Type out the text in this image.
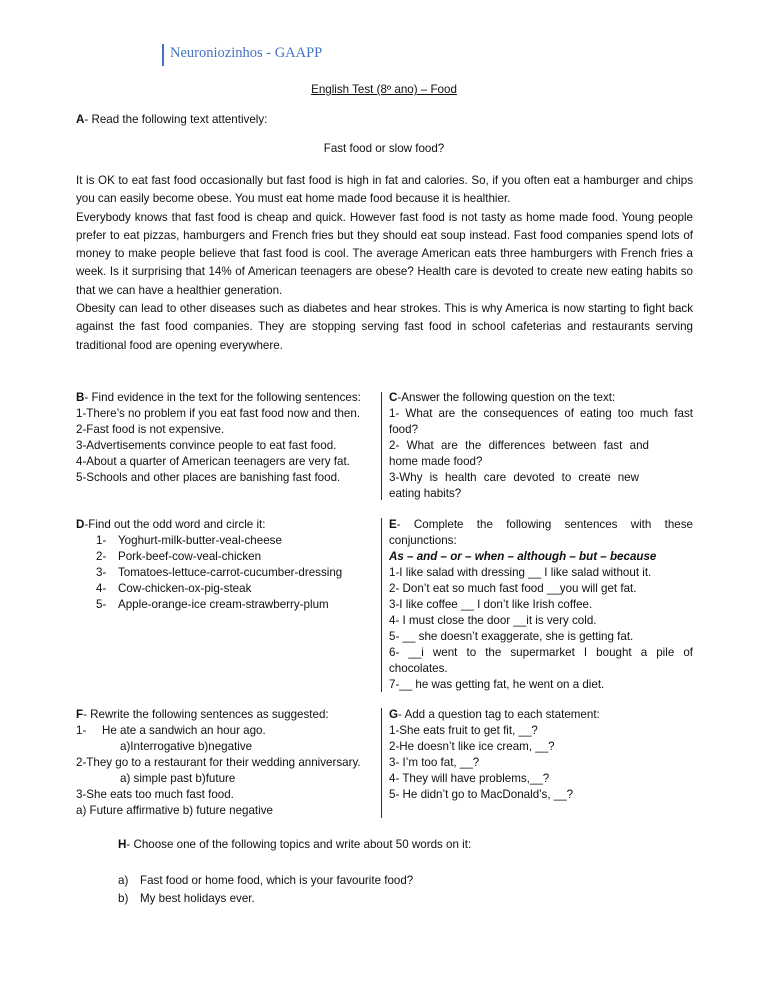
Neuroniozinhos - GAAPP
English Test (8º ano) – Food
A- Read the following text attentively:
Fast food or slow food?

It is OK to eat fast food occasionally but fast food is high in fat and calories. So, if you often eat a hamburger and chips you can easily become obese. You must eat home made food because it is healthier.

Everybody knows that fast food is cheap and quick. However fast food is not tasty as home made food. Young people prefer to eat pizzas, hamburgers and French fries but they should eat soup instead. Fast food companies spend lots of money to make people believe that fast food is cool. The average American eats three hamburgers with French fries a week. Is it surprising that 14% of American teenagers are obese? Health care is devoted to create new eating habits so that we can have a healthier generation.

Obesity can lead to other diseases such as diabetes and hear strokes. This is why America is now starting to fight back against the fast food companies. They are stopping serving fast food in school cafeterias and restaurants serving traditional food are opening everywhere.

B- Find evidence in the text for the following sentences:
1-There’s no problem if you eat fast food now and then.
2-Fast food is not expensive.
3-Advertisements convince people to eat fast food.
4-About a quarter of American teenagers are very fat.
5-Schools and other places are banishing fast food.
C-Answer the following question on the text:
1- What are the consequences of eating too much fast food?
2- What are the differences between fast and home made food?
3-Why is health care devoted to create new eating habits?
D-Find out the odd word and circle it:
1- Yoghurt-milk-butter-veal-cheese
2- Pork-beef-cow-veal-chicken
3- Tomatoes-lettuce-carrot-cucumber-dressing
4- Cow-chicken-ox-pig-steak
5- Apple-orange-ice cream-strawberry-plum
E- Complete the following sentences with these conjunctions:
As – and – or – when – although – but – because
1-I like salad with dressing __ I like salad without it.
2- Don’t eat so much fast food __you will get fat.
3-I like coffee __ I don’t like Irish coffee.
4- I must close the door __it is very cold.
5- __ she doesn’t exaggerate, she is getting fat.
6- __i went to the supermarket I bought a pile of chocolates.
7-__ he was getting fat, he went on a diet.
F- Rewrite the following sentences as suggested:
1- He ate a sandwich an hour ago.
a)Interrogative b)negative
2-They go to a restaurant for their wedding anniversary.
a) simple past b)future
3-She eats too much fast food.
a) Future affirmative b) future negative
G- Add a question tag to each statement:
1-She eats fruit to get fit, __?
2-He doesn’t like ice cream, __?
3- I’m too fat, __?
4- They will have problems,__?
5- He didn’t go to MacDonald’s, __?
H- Choose one of the following topics and write about 50 words on it:
a) Fast food or home food, which is your favourite food?
b) My best holidays ever.
